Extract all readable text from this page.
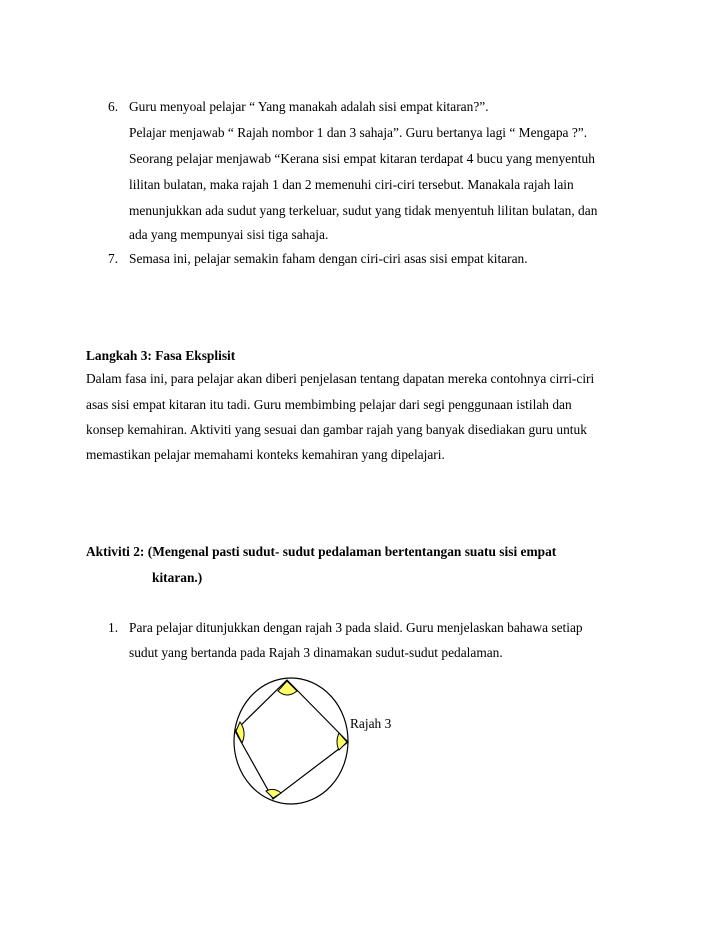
6. Guru menyoal pelajar “ Yang manakah adalah sisi empat kitaran?”.
Pelajar menjawab “ Rajah nombor 1 dan 3 sahaja”. Guru bertanya lagi “ Mengapa ?”.
Seorang pelajar menjawab “Kerana sisi empat kitaran terdapat 4 bucu yang menyentuh
lilitan bulatan, maka rajah 1 dan 2 memenuhi ciri-ciri tersebut. Manakala rajah lain
menunjukkan ada sudut yang terkeluar, sudut yang tidak menyentuh lilitan bulatan, dan
ada yang mempunyai sisi tiga sahaja.
7. Semasa ini, pelajar semakin faham dengan ciri-ciri asas sisi empat kitaran.
Langkah 3: Fasa Eksplisit
Dalam fasa ini, para pelajar akan diberi penjelasan tentang dapatan mereka contohnya cirri-ciri
asas sisi empat kitaran itu tadi. Guru membimbing pelajar dari segi penggunaan istilah dan
konsep kemahiran. Aktiviti yang sesuai dan gambar rajah yang banyak disediakan guru untuk
memastikan pelajar memahami konteks kemahiran yang dipelajari.
Aktiviti 2: (Mengenal pasti sudut- sudut pedalaman bertentangan suatu sisi empat
kitaran.)
1. Para pelajar ditunjukkan dengan rajah 3 pada slaid. Guru menjelaskan bahawa setiap
sudut yang bertanda pada Rajah 3 dinamakan sudut-sudut pedalaman.
Rajah 3
